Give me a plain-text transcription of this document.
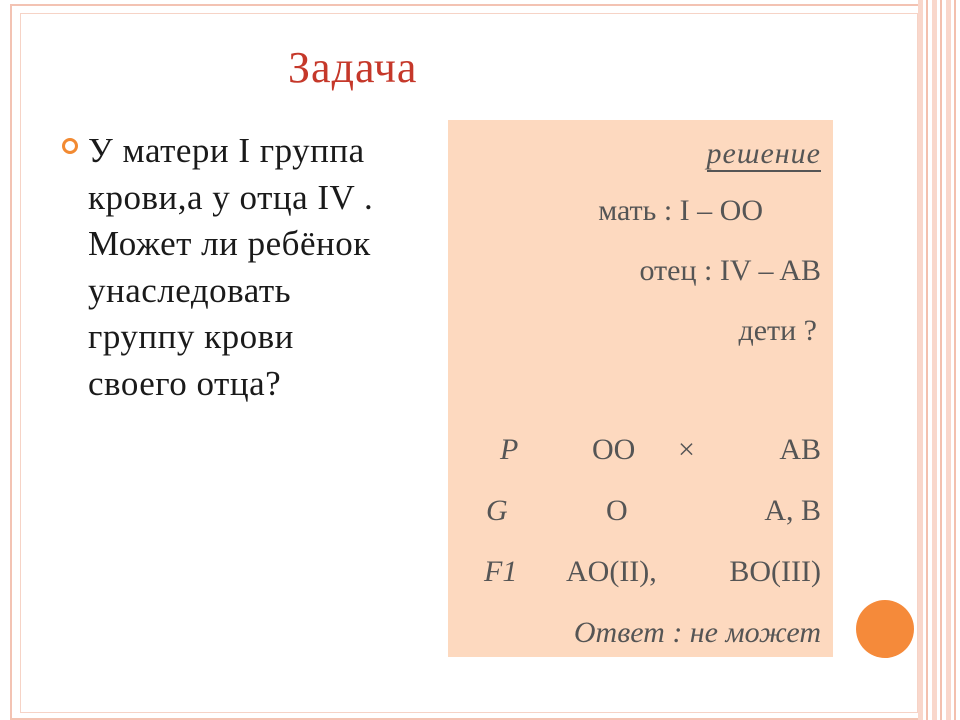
Задача
У матери I группа
крови,а у отца IV .
Может ли ребёнок
унаследовать
группу крови
своего отца?
решение
мать : I – OO
отец : IV – AB
дети ?
P OO ×	AB
G	O	A, B
F1 AO(II), BO(III)
Ответ : не может
